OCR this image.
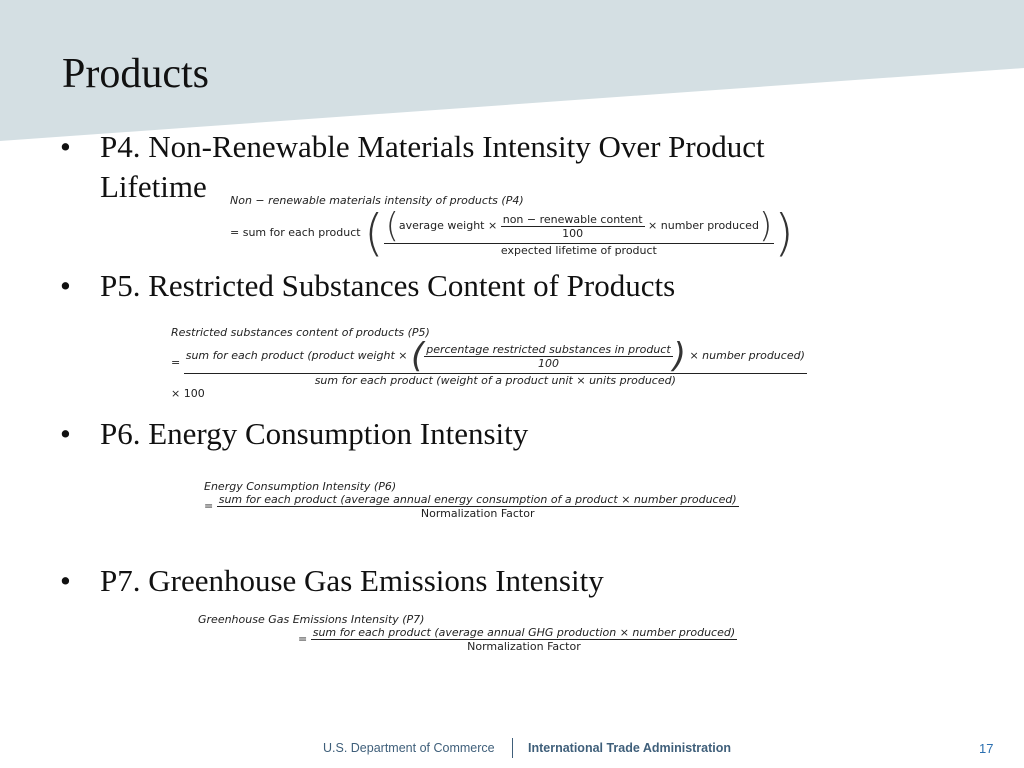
Products
• P4. Non-Renewable Materials Intensity Over Product
Lifetime	Non − renewable materials intensity of products (P4)
= sum for each product ( (average weight × $\frac{\text{non − renewable content}}{100}$ × number produced)
expected lifetime of product	)
• P5. Restricted Substances Content of Products
Restricted substances content of products (P5)
=
sum for each product (product weight × ( $\frac{\text{percentage restricted substances in product}}{100}$ ) × number produced)
sum for each product (weight of a product unit × units produced)
× 100
• P6. Energy Consumption Intensity
Energy Consumption Intensity (P6)
= sum for each product (average annual energy consumption of a product × number produced)
Normalization Factor
• P7. Greenhouse Gas Emissions Intensity
Greenhouse Gas Emissions Intensity (P7)
= sum for each product (average annual GHG production × number produced)
Normalization Factor
U.S. Department of Commerce	International Trade Administration	17
